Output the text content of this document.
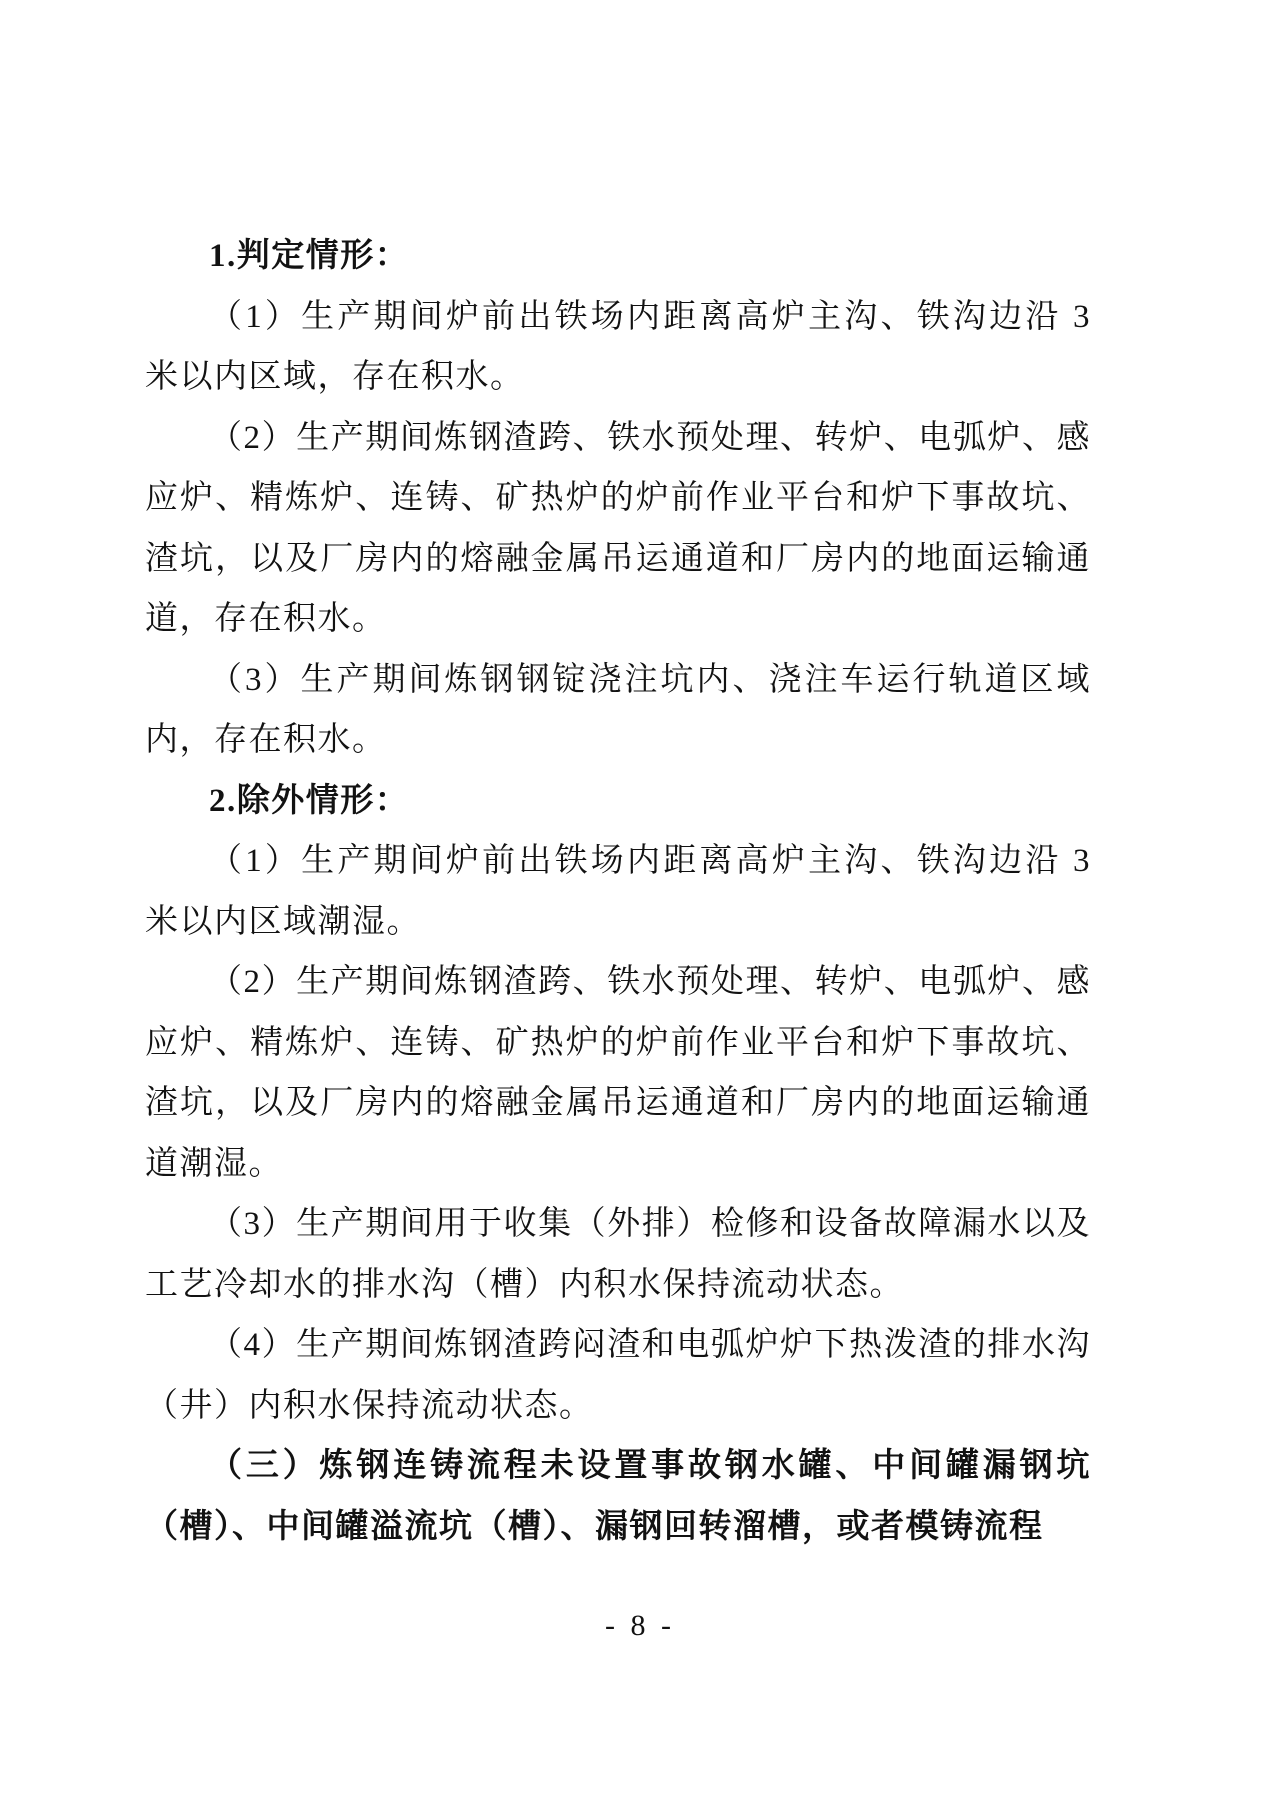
1.判定情形：

（1）生产期间炉前出铁场内距离高炉主沟、铁沟边沿 3 米以内区域，存在积水。

（2）生产期间炼钢渣跨、铁水预处理、转炉、电弧炉、感应炉、精炼炉、连铸、矿热炉的炉前作业平台和炉下事故坑、渣坑，以及厂房内的熔融金属吊运通道和厂房内的地面运输通道，存在积水。

（3）生产期间炼钢钢锭浇注坑内、浇注车运行轨道区域内，存在积水。

2.除外情形：

（1）生产期间炉前出铁场内距离高炉主沟、铁沟边沿 3 米以内区域潮湿。

（2）生产期间炼钢渣跨、铁水预处理、转炉、电弧炉、感应炉、精炼炉、连铸、矿热炉的炉前作业平台和炉下事故坑、渣坑，以及厂房内的熔融金属吊运通道和厂房内的地面运输通道潮湿。

（3）生产期间用于收集（外排）检修和设备故障漏水以及工艺冷却水的排水沟（槽）内积水保持流动状态。

（4）生产期间炼钢渣跨闷渣和电弧炉炉下热泼渣的排水沟（井）内积水保持流动状态。

（三）炼钢连铸流程未设置事故钢水罐、中间罐漏钢坑（槽）、中间罐溢流坑（槽）、漏钢回转溜槽，或者模铸流程

- 8 -
